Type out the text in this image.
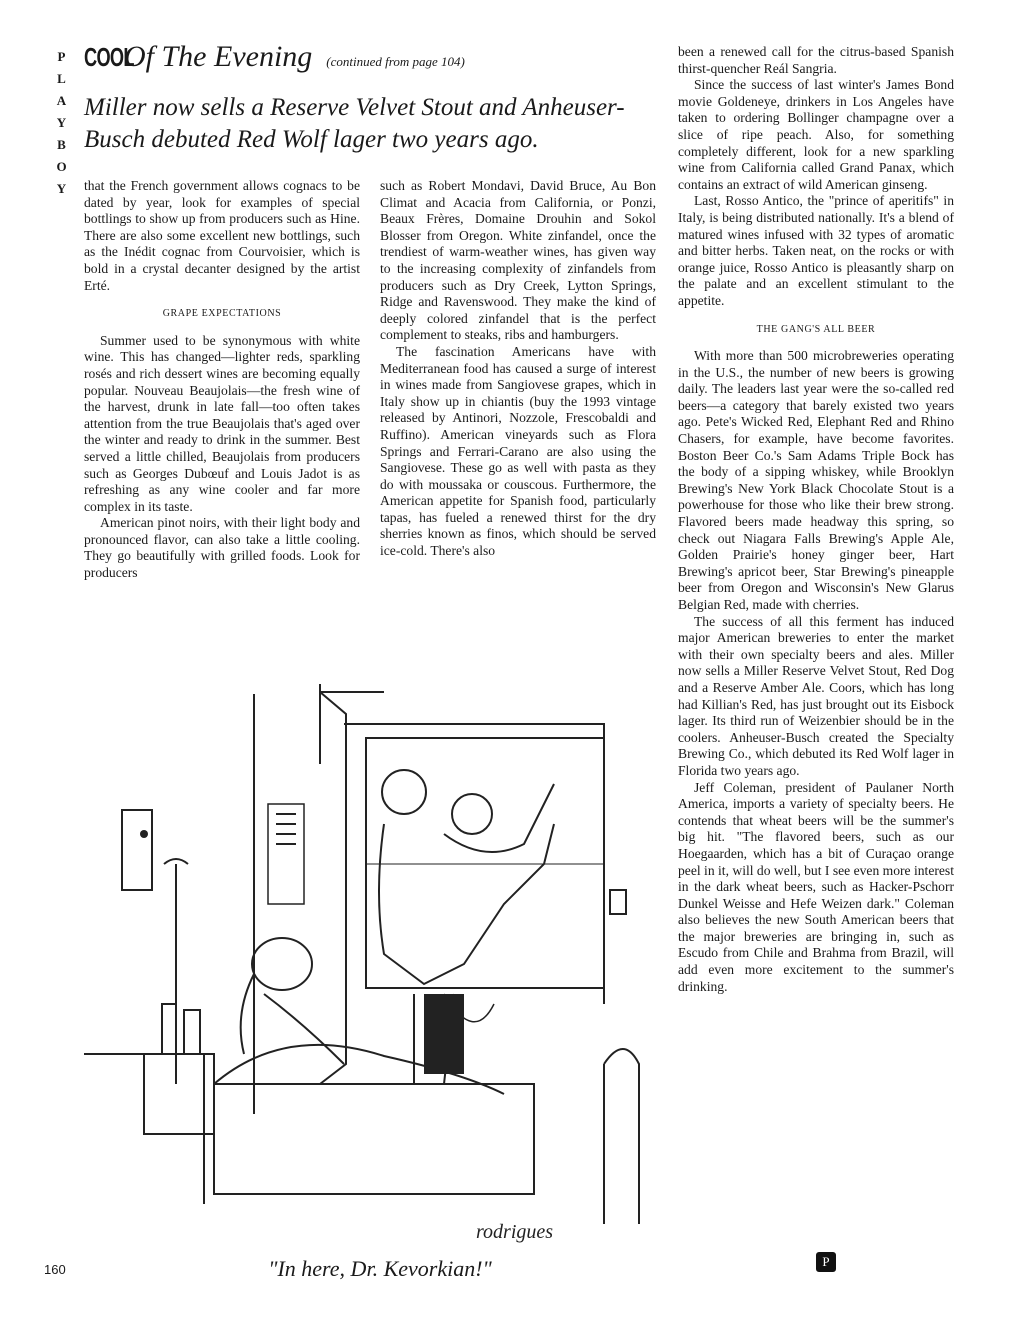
P
L
A
Y
B
O
Y
COOL
Of The Evening (continued from page 104)
Miller now sells a Reserve Velvet Stout and Anheuser-Busch debuted Red Wolf lager two years ago.

that the French government allows cognacs to be dated by year, look for examples of special bottlings to show up from producers such as Hine. There are also some excellent new bottlings, such as the Inédit cognac from Courvoisier, which is bold in a crystal decanter designed by the artist Erté.

GRAPE EXPECTATIONS

Summer used to be synonymous with white wine. This has changed—lighter reds, sparkling rosés and rich dessert wines are becoming equally popular. Nouveau Beaujolais—the fresh wine of the harvest, drunk in late fall—too often takes attention from the true Beaujolais that's aged over the winter and ready to drink in the summer. Best served a little chilled, Beaujolais from producers such as Georges Dubœuf and Louis Jadot is as refreshing as any wine cooler and far more complex in its taste.

American pinot noirs, with their light body and pronounced flavor, can also take a little cooling. They go beautifully with grilled foods. Look for producers

such as Robert Mondavi, David Bruce, Au Bon Climat and Acacia from California, or Ponzi, Beaux Frères, Domaine Drouhin and Sokol Blosser from Oregon. White zinfandel, once the trendiest of warm-weather wines, has given way to the increasing complexity of zinfandels from producers such as Dry Creek, Lytton Springs, Ridge and Ravenswood. They make the kind of deeply colored zinfandel that is the perfect complement to steaks, ribs and hamburgers.

The fascination Americans have with Mediterranean food has caused a surge of interest in wines made from Sangiovese grapes, which in Italy show up in chiantis (buy the 1993 vintage released by Antinori, Nozzole, Frescobaldi and Ruffino). American vineyards such as Flora Springs and Ferrari-Carano are also using the Sangiovese. These go as well with pasta as they do with moussaka or couscous. Furthermore, the American appetite for Spanish food, particularly tapas, has fueled a renewed thirst for the dry sherries known as finos, which should be served ice-cold. There's also

been a renewed call for the citrus-based Spanish thirst-quencher Reál Sangria.

Since the success of last winter's James Bond movie Goldeneye, drinkers in Los Angeles have taken to ordering Bollinger champagne over a slice of ripe peach. Also, for something completely different, look for a new sparkling wine from California called Grand Panax, which contains an extract of wild American ginseng.

Last, Rosso Antico, the "prince of aperitifs" in Italy, is being distributed nationally. It's a blend of matured wines infused with 32 types of aromatic and bitter herbs. Taken neat, on the rocks or with orange juice, Rosso Antico is pleasantly sharp on the palate and an excellent stimulant to the appetite.

THE GANG'S ALL BEER

With more than 500 microbreweries operating in the U.S., the number of new beers is growing daily. The leaders last year were the so-called red beers—a category that barely existed two years ago. Pete's Wicked Red, Elephant Red and Rhino Chasers, for example, have become favorites. Boston Beer Co.'s Sam Adams Triple Bock has the body of a sipping whiskey, while Brooklyn Brewing's New York Black Chocolate Stout is a powerhouse for those who like their brew strong. Flavored beers made headway this spring, so check out Niagara Falls Brewing's Apple Ale, Golden Prairie's honey ginger beer, Hart Brewing's apricot beer, Star Brewing's pineapple beer from Oregon and Wisconsin's New Glarus Belgian Red, made with cherries.

The success of all this ferment has induced major American breweries to enter the market with their own specialty beers and ales. Miller now sells a Miller Reserve Velvet Stout, Red Dog and a Reserve Amber Ale. Coors, which has long had Killian's Red, has just brought out its Eisbock lager. Its third run of Weizenbier should be in the coolers. Anheuser-Busch created the Specialty Brewing Co., which debuted its Red Wolf lager in Florida two years ago.

Jeff Coleman, president of Paulaner North America, imports a variety of specialty beers. He contends that wheat beers will be the summer's big hit. "The flavored beers, such as our Hoegaarden, which has a bit of Curaçao orange peel in it, will do well, but I see even more interest in the dark wheat beers, such as Hacker-Pschorr Dunkel Weisse and Hefe Weizen dark." Coleman also believes the new South American beers that the major breweries are bringing in, such as Escudo from Chile and Brahma from Brazil, will add even more excitement to the summer's drinking.

rodrigues
"In here, Dr. Kevorkian!"
160
P
